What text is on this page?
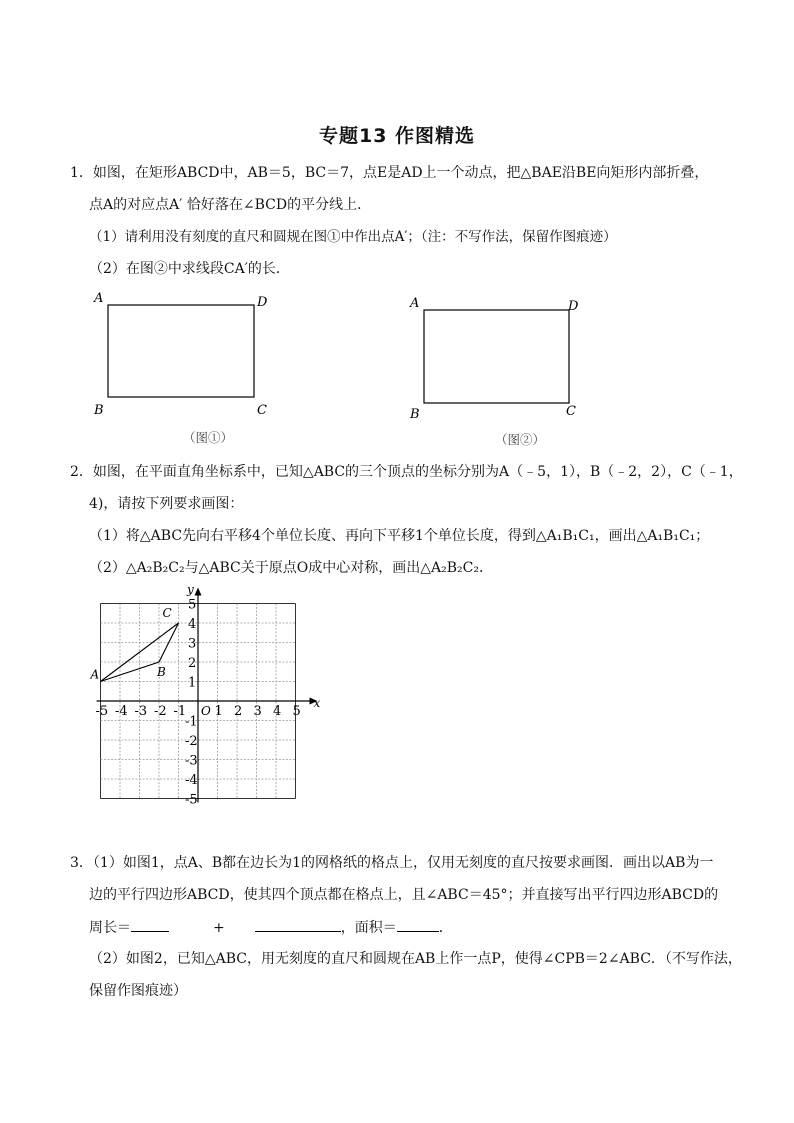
专题13 作图精选
1．如图，在矩形ABCD中，AB＝5，BC＝7，点E是AD上一个动点，把△BAE沿BE向矩形内部折叠，
点A的对应点A′ 恰好落在∠BCD的平分线上．
（1）请利用没有刻度的直尺和圆规在图①中作出点A′；（注：不写作法，保留作图痕迹）
（2）在图②中求线段CA′的长．
A	D
B	C
A	D
B	C
（图①）	（图②）
2．如图，在平面直角坐标系中，已知△ABC的三个顶点的坐标分别为A（﹣5，1），B（﹣2，2），C（﹣1，
4)，请按下列要求画图：
（1）将△ABC先向右平移4个单位长度、再向下平移1个单位长度，得到△A₁B₁C₁，画出△A₁B₁C₁；
（2）△A₂B₂C₂与△ABC关于原点O成中心对称，画出△A₂B₂C₂．
-5 -4 -3 -2 -1 1 2 3 4 5
5
4
3
2
1
-1
-2
-3
-4
-5
x
y
O
A	B
C
3．（1）如图1，点A、B都在边长为1的网格纸的格点上，仅用无刻度的直尺按要求画图．画出以AB为一
边的平行四边形ABCD，使其四个顶点都在格点上，且∠ABC＝45°；并直接写出平行四边形ABCD的
周长＝	+	，面积＝	．
（2）如图2，已知△ABC，用无刻度的直尺和圆规在AB上作一点P，使得∠CPB＝2∠ABC．（不写作法，
保留作图痕迹）
